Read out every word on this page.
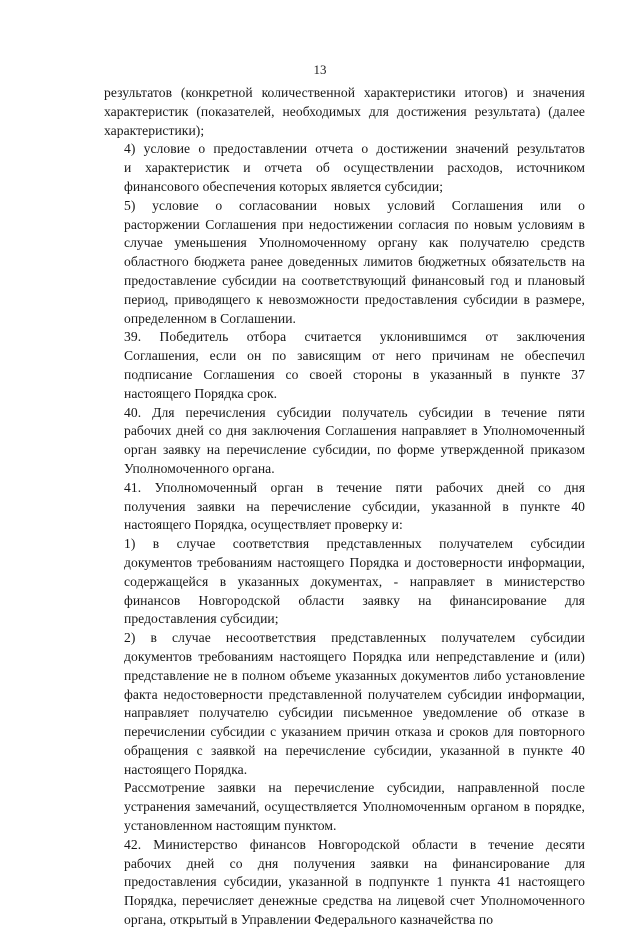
13
результатов (конкретной количественной характеристики итогов) и значения
характеристик (показателей, необходимых для достижения результата) (далее
характеристики);
4) условие о предоставлении отчета о достижении значений результатов
и характеристик и отчета об осуществлении расходов, источником
финансового обеспечения которых является субсидии;
5) условие о согласовании новых условий Соглашения или о
расторжении Соглашения при недостижении согласия по новым условиям в
случае уменьшения Уполномоченному органу как получателю средств
областного бюджета ранее доведенных лимитов бюджетных обязательств на
предоставление субсидии на соответствующий финансовый год и плановый
период, приводящего к невозможности предоставления субсидии в размере,
определенном в Соглашении.
39. Победитель отбора считается уклонившимся от заключения
Соглашения, если он по зависящим от него причинам не обеспечил
подписание Соглашения со своей стороны в указанный в пункте 37
настоящего Порядка срок.
40. Для перечисления субсидии получатель субсидии в течение пяти
рабочих дней со дня заключения Соглашения направляет в Уполномоченный
орган заявку на перечисление субсидии, по форме утвержденной приказом
Уполномоченного органа.
41. Уполномоченный орган в течение пяти рабочих дней со дня
получения заявки на перечисление субсидии, указанной в пункте 40
настоящего Порядка, осуществляет проверку и:
1) в случае соответствия представленных получателем субсидии
документов требованиям настоящего Порядка и достоверности информации,
содержащейся в указанных документах, - направляет в министерство
финансов Новгородской области заявку на финансирование для
предоставления субсидии;
2) в случае несоответствия представленных получателем субсидии
документов требованиям настоящего Порядка или непредставление и (или)
представление не в полном объеме указанных документов либо установление
факта недостоверности представленной получателем субсидии информации,
направляет получателю субсидии письменное уведомление об отказе в
перечислении субсидии с указанием причин отказа и сроков для повторного
обращения с заявкой на перечисление субсидии, указанной в пункте 40
настоящего Порядка.
Рассмотрение заявки на перечисление субсидии, направленной после
устранения замечаний, осуществляется Уполномоченным органом в порядке,
установленном настоящим пунктом.
42. Министерство финансов Новгородской области в течение десяти
рабочих дней со дня получения заявки на финансирование для
предоставления субсидии, указанной в подпункте 1 пункта 41 настоящего
Порядка, перечисляет денежные средства на лицевой счет Уполномоченного
органа, открытый в Управлении Федерального казначейства по
